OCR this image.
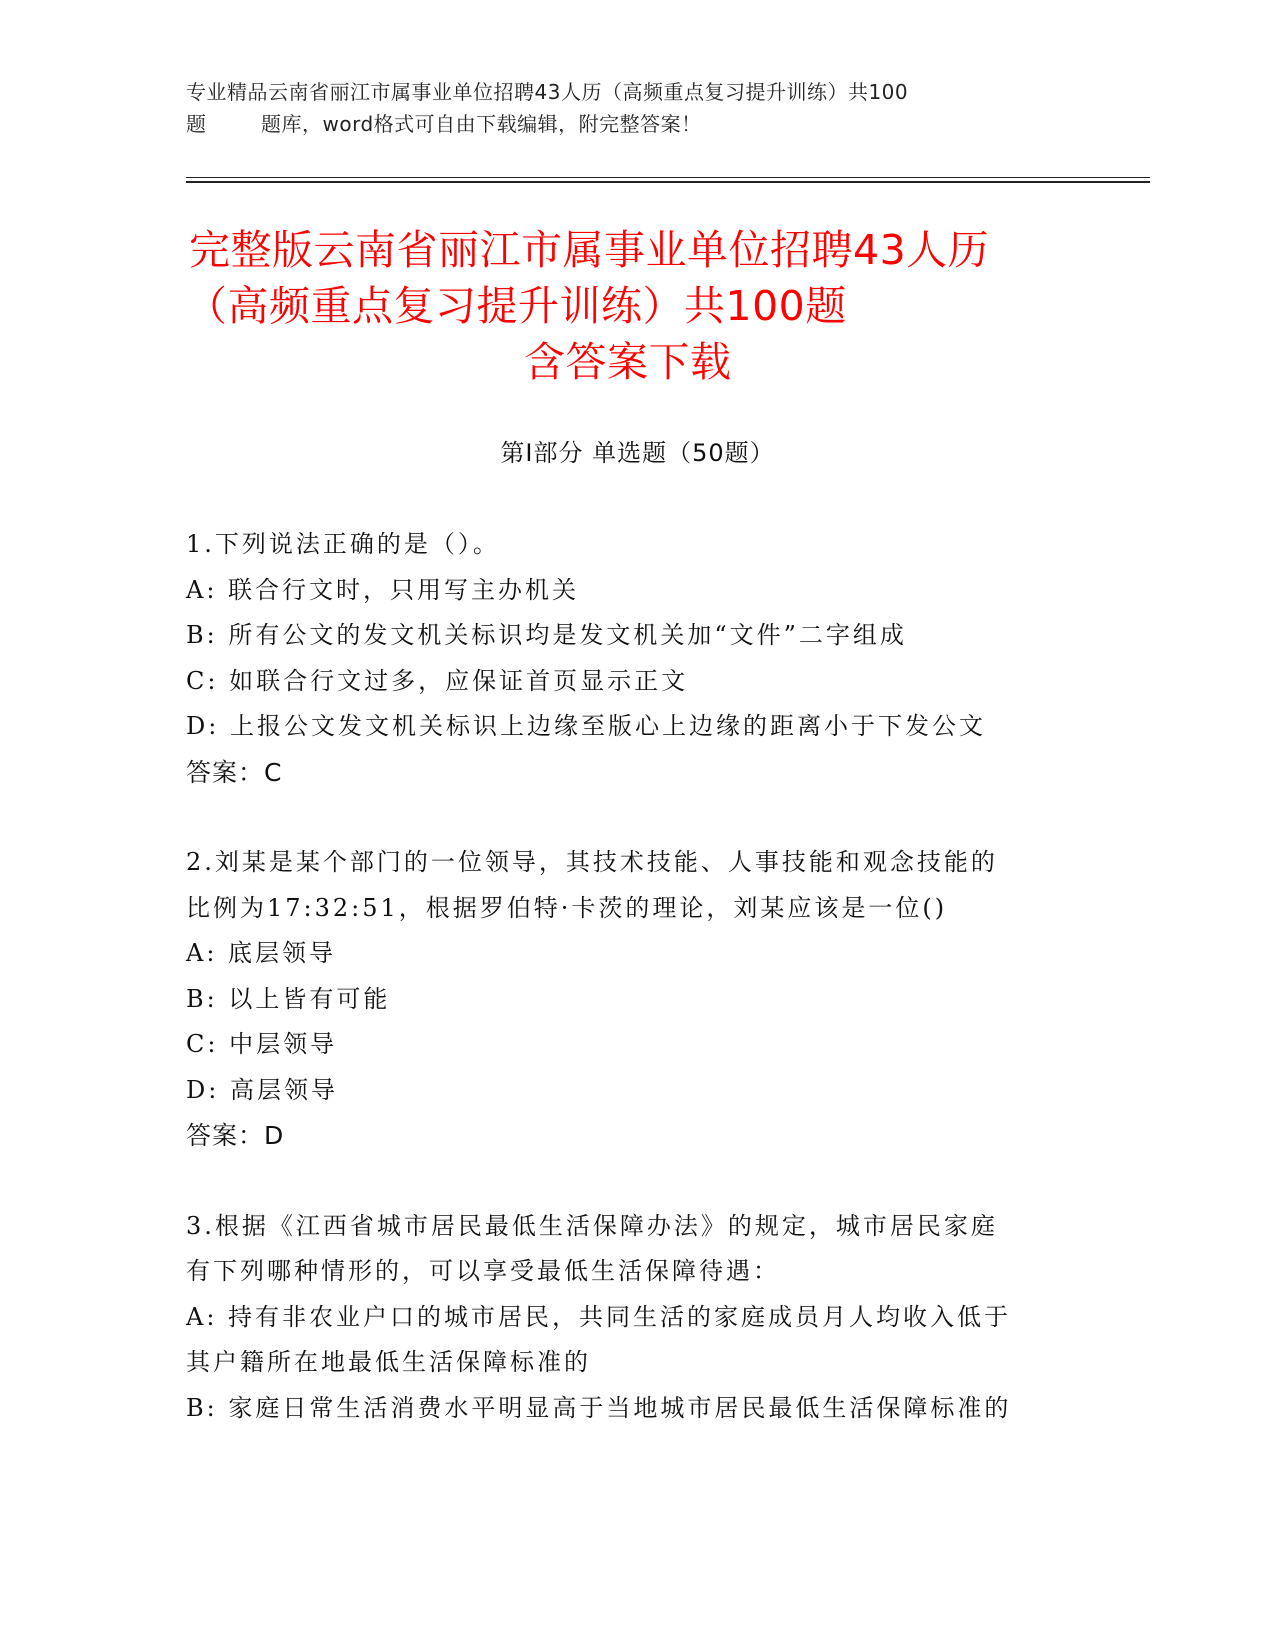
专业精品云南省丽江市属事业单位招聘43人历（高频重点复习提升训练）共100

题	题库，word格式可自由下载编辑，附完整答案！
完整版云南省丽江市属事业单位招聘43人历
（高频重点复习提升训练）共100题
含答案下载
第Ⅰ部分 单选题（50题）
1.下列说法正确的是（）。
A: 联合行文时，只用写主办机关
B: 所有公文的发文机关标识均是发文机关加“文件”二字组成
C: 如联合行文过多，应保证首页显示正文
D: 上报公文发文机关标识上边缘至版心上边缘的距离小于下发公文
答案：C
2.刘某是某个部门的一位领导，其技术技能、人事技能和观念技能的
比例为17:32:51，根据罗伯特·卡茨的理论，刘某应该是一位()
A: 底层领导
B: 以上皆有可能
C: 中层领导
D: 高层领导
答案：D
3.根据《江西省城市居民最低生活保障办法》的规定，城市居民家庭
有下列哪种情形的，可以享受最低生活保障待遇：
A: 持有非农业户口的城市居民，共同生活的家庭成员月人均收入低于
其户籍所在地最低生活保障标准的
B: 家庭日常生活消费水平明显高于当地城市居民最低生活保障标准的
